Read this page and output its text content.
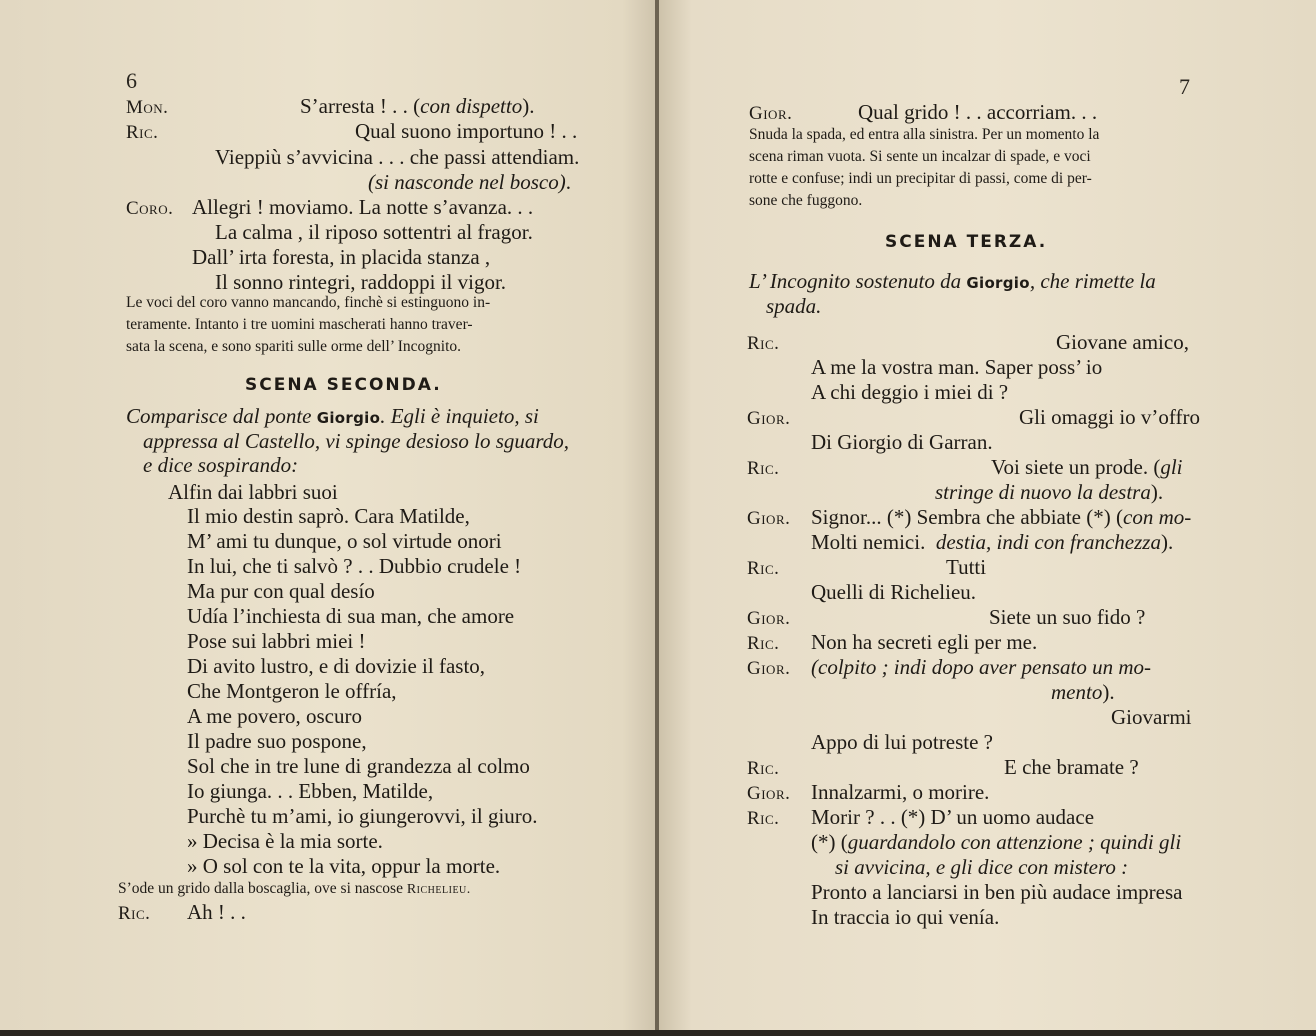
6
Mon.	S’arresta ! . . (con dispetto).
Ric.	Qual suono importuno ! . .
Vieppiù s’avvicina . . . che passi attendiam.
(si nasconde nel bosco).
Coro. Allegri ! moviamo. La notte s’avanza. . .
La calma , il riposo sottentri al fragor.
Dall’ irta foresta, in placida stanza ,
Il sonno rintegri, raddoppi il vigor.
Le voci del coro vanno mancando, finchè si estinguono in-
teramente. Intanto i tre uomini mascherati hanno traver-
sata la scena, e sono spariti sulle orme dell’ Incognito.
SCENA SECONDA.
Comparisce dal ponte Giorgio. Egli è inquieto, si
appressa al Castello, vi spinge desioso lo sguardo,
e dice sospirando:
Alfin dai labbri suoi
Il mio destin saprò. Cara Matilde,
M’ ami tu dunque, o sol virtude onori
In lui, che ti salvò ? . . Dubbio crudele !
Ma pur con qual desío
Udía l’inchiesta di sua man, che amore
Pose sui labbri miei !
Di avito lustro, e di dovizie il fasto,
Che Montgeron le offría,
A me povero, oscuro
Il padre suo pospone,
Sol che in tre lune di grandezza al colmo
Io giunga. . . Ebben, Matilde,
Purchè tu m’ami, io giungerovvi, il giuro.
» Decisa è la mia sorte.
» O sol con te la vita, oppur la morte.
S’ode un grido dalla boscaglia, ove si nascose Richelieu.
Ric. Ah ! . .
7
Gior.	Qual grido ! . . accorriam. . .
Snuda la spada, ed entra alla sinistra. Per un momento la
scena riman vuota. Si sente un incalzar di spade, e voci
rotte e confuse; indi un precipitar di passi, come di per-
sone che fuggono.
SCENA TERZA.
L’ Incognito sostenuto da Giorgio, che rimette la
spada.
Ric.	Giovane amico,
A me la vostra man. Saper poss’ io
A chi deggio i miei di ?
Gior.	Gli omaggi io v’offro
Di Giorgio di Garran.
Ric.	Voi siete un prode. (gli
stringe di nuovo la destra).
Gior. Signor... (*) Sembra che abbiate (*) (con mo-
Molti nemici. destia, indi con franchezza).
Ric.	Tutti
Quelli di Richelieu.
Gior.	Siete un suo fido ?
Ric. Non ha secreti egli per me.
Gior. (colpito ; indi dopo aver pensato un mo-
mento).
Giovarmi
Appo di lui potreste ?
Ric.	E che bramate ?
Gior. Innalzarmi, o morire.
Ric. Morir ? . . (*) D’ un uomo audace
(*) (guardandolo con attenzione ; quindi gli
si avvicina, e gli dice con mistero :
Pronto a lanciarsi in ben più audace impresa
In traccia io qui venía.
